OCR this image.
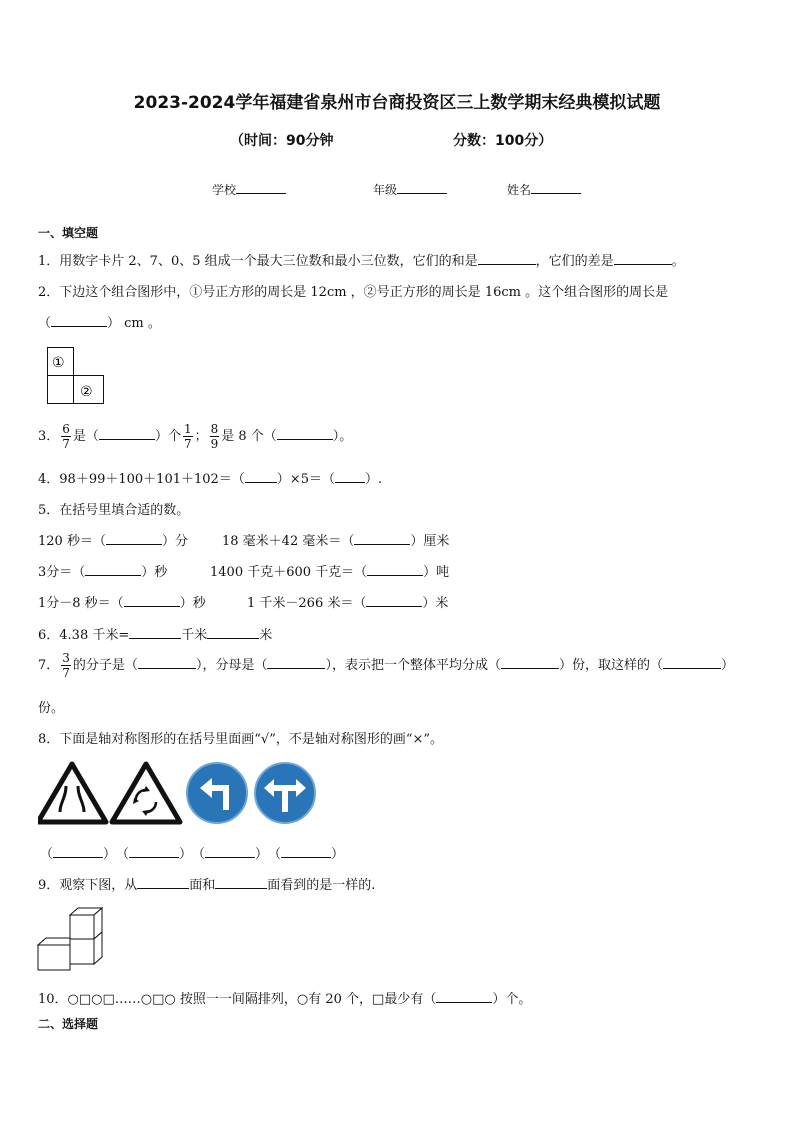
2023-2024学年福建省泉州市台商投资区三上数学期末经典模拟试题
（时间：90分钟	分数：100分）
学校	年级	姓名
一、填空题
1．用数字卡片 2、7、0、5 组成一个最大三位数和最小三位数，它们的和是	，它们的差是	。
2．下边这个组合图形中，①号正方形的周长是 12cm ，②号正方形的周长是 16cm 。这个组合图形的周长是
（	） cm 。
①
②
3． $\frac{6}{7}$ 是（	）个 $\frac{1}{7}$ ； $\frac{8}{9}$ 是 8 个（	）。
4．98＋99＋100＋101＋102＝（ ）×5＝（ ）.
5．在括号里填合适的数。
120 秒＝（	）分	18 毫米＋42 毫米＝（	）厘米
3分＝（	）秒	1400 千克＋600 千克＝（	）吨
1分－8 秒＝（	）秒	1 千米－266 米＝（	）米
6．4.38 千米=	千米	米
7． $\frac{3}{7}$ 的分子是（	），分母是（	），表示把一个整体平均分成（	）份，取这样的（	）
份。
8．下面是轴对称图形的在括号里面画“√”，不是轴对称图形的画“×”。
（	） （	） （	） （	）
9．观察下图，从	面和	面看到的是一样的.
10．○□○□……○□○ 按照一一间隔排列，○有 20 个，□最少有（	）个。
二、选择题
